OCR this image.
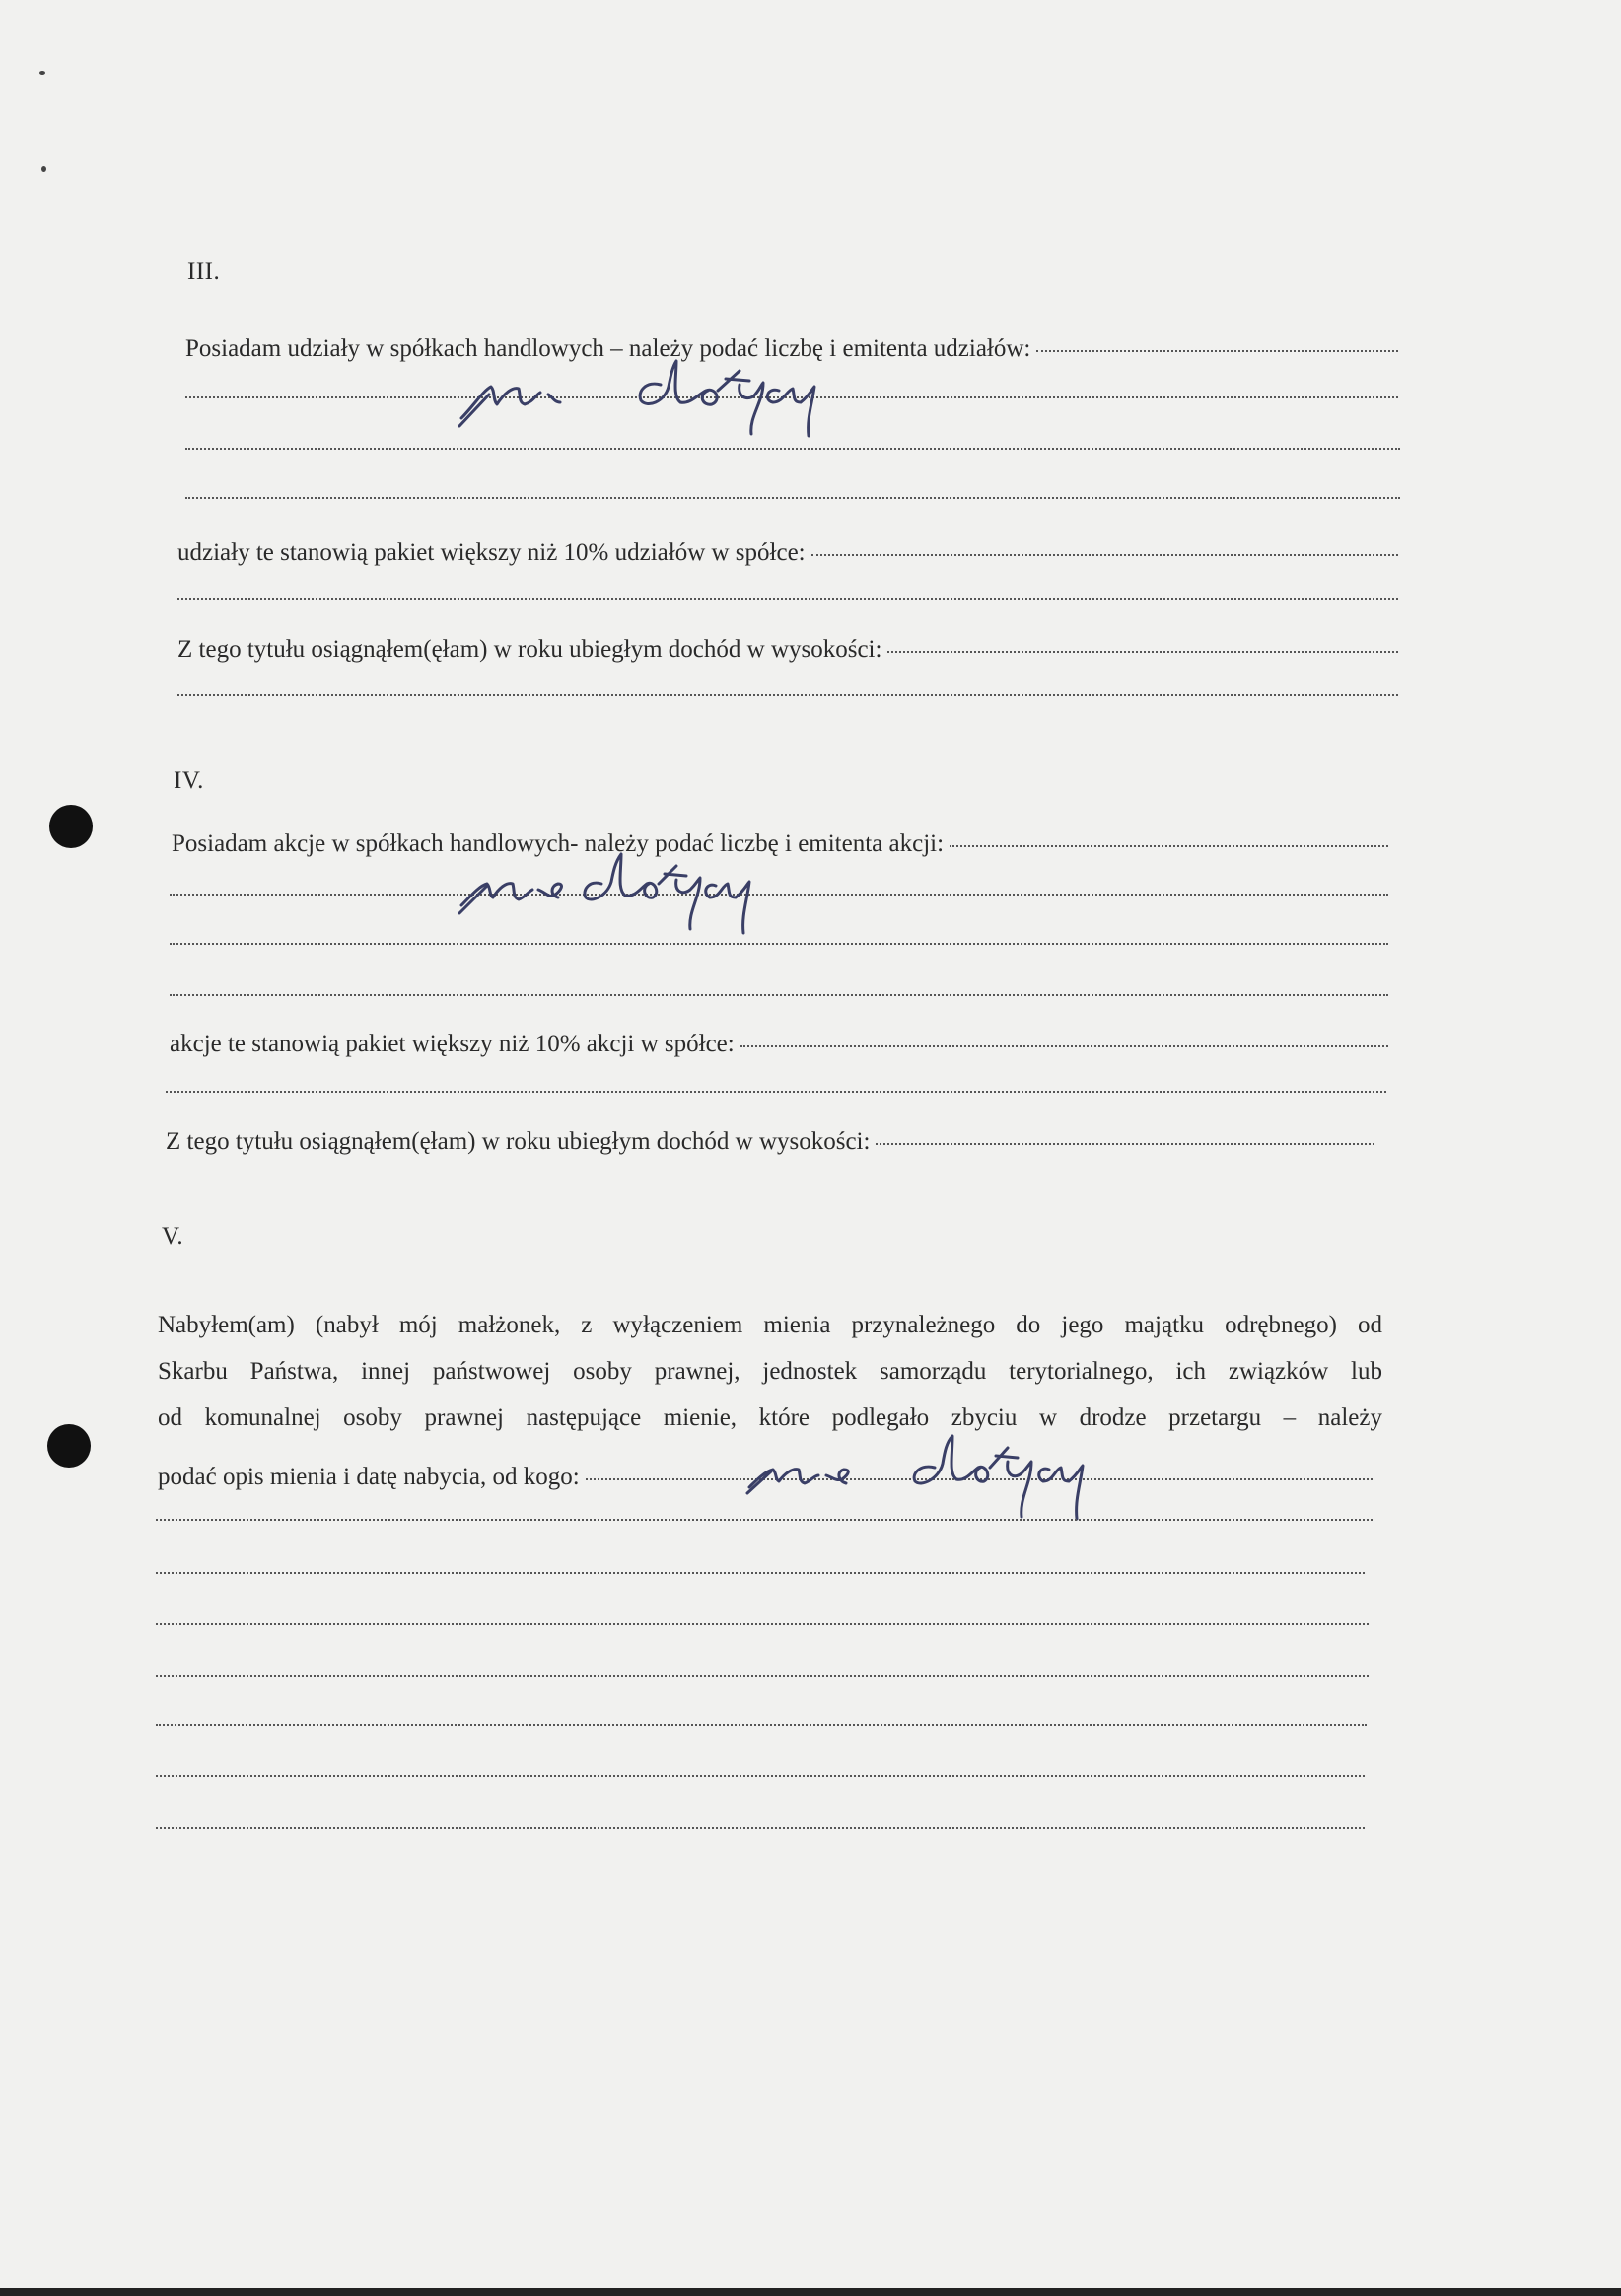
III.
Posiadam udziały w spółkach handlowych – należy podać liczbę i emitenta udziałów:
udziały te stanowią pakiet większy niż 10% udziałów w spółce:
Z tego tytułu osiągnąłem(ęłam) w roku ubiegłym dochód w wysokości:
IV.
Posiadam akcje w spółkach handlowych- należy podać liczbę i emitenta akcji:
akcje te stanowią pakiet większy niż 10% akcji w spółce:
Z tego tytułu osiągnąłem(ęłam) w roku ubiegłym dochód w wysokości:
V.
Nabyłem(am) (nabył mój małżonek, z wyłączeniem mienia przynależnego do jego majątku odrębnego) od
Skarbu Państwa, innej państwowej osoby prawnej, jednostek samorządu terytorialnego, ich związków lub
od komunalnej osoby prawnej następujące mienie, które podlegało zbyciu w drodze przetargu – należy
podać opis mienia i datę nabycia, od kogo:
